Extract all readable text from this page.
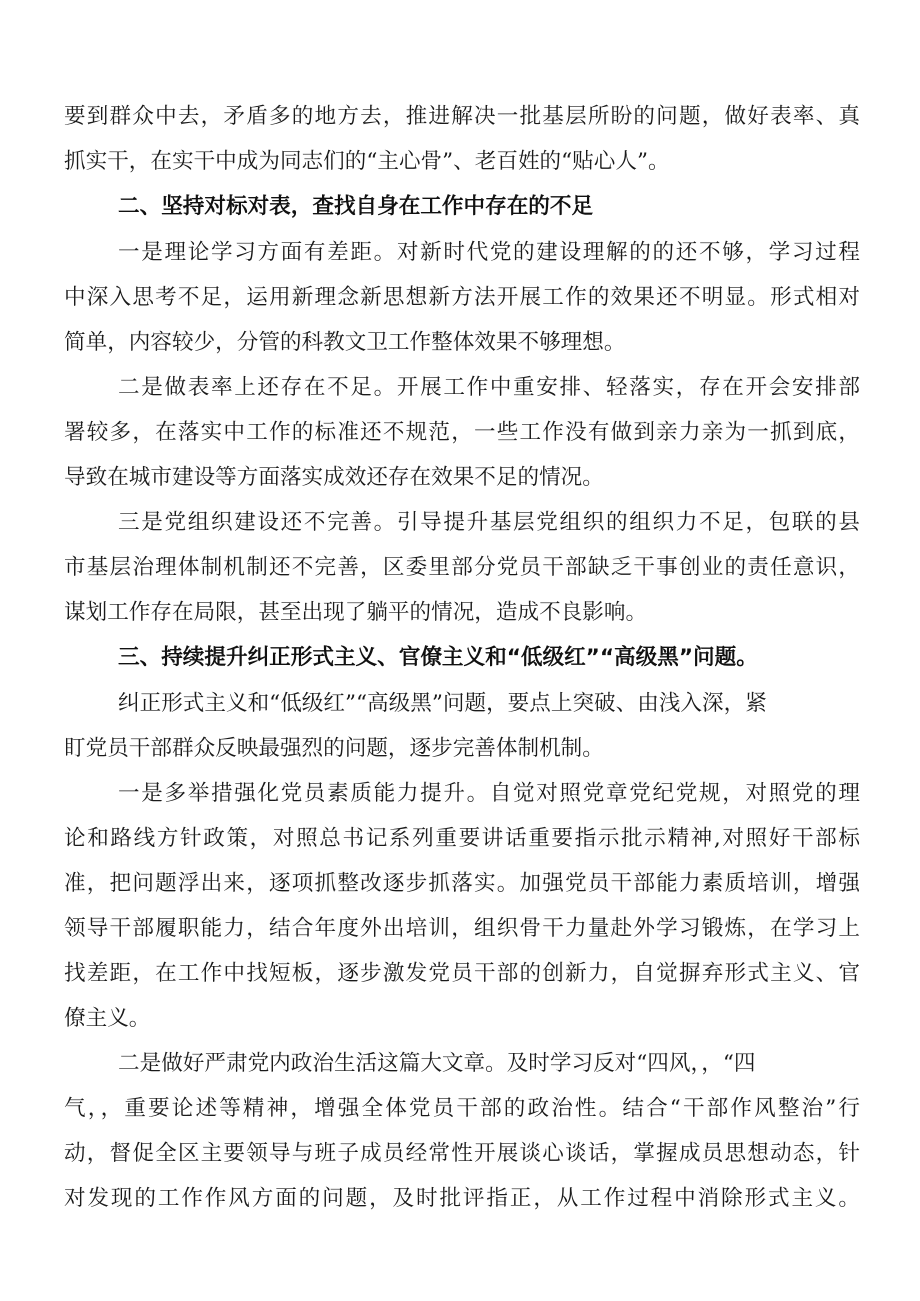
要到群众中去，矛盾多的地方去，推进解决一批基层所盼的问题，做好表率、真
抓实干，在实干中成为同志们的“主心骨”、老百姓的“贴心人”。
二、坚持对标对表，查找自身在工作中存在的不足
一是理论学习方面有差距。对新时代党的建设理解的的还不够，学习过程
中深入思考不足，运用新理念新思想新方法开展工作的效果还不明显。形式相对
简单，内容较少，分管的科教文卫工作整体效果不够理想。
二是做表率上还存在不足。开展工作中重安排、轻落实，存在开会安排部
署较多，在落实中工作的标准还不规范，一些工作没有做到亲力亲为一抓到底，
导致在城市建设等方面落实成效还存在效果不足的情况。
三是党组织建设还不完善。引导提升基层党组织的组织力不足，包联的县
市基层治理体制机制还不完善，区委里部分党员干部缺乏干事创业的责任意识，
谋划工作存在局限，甚至出现了躺平的情况，造成不良影响。
三、持续提升纠正形式主义、官僚主义和“低级红”“高级黑”问题。
纠正形式主义和“低级红”“高级黑”问题，要点上突破、由浅入深，紧
盯党员干部群众反映最强烈的问题，逐步完善体制机制。
一是多举措强化党员素质能力提升。自觉对照党章党纪党规，对照党的理
论和路线方针政策，对照总书记系列重要讲话重要指示批示精神,对照好干部标
准，把问题浮出来，逐项抓整改逐步抓落实。加强党员干部能力素质培训，增强
领导干部履职能力，结合年度外出培训，组织骨干力量赴外学习锻炼，在学习上
找差距，在工作中找短板，逐步激发党员干部的创新力，自觉摒弃形式主义、官
僚主义。
二是做好严肃党内政治生活这篇大文章。及时学习反对“四风，，“四
气，，重要论述等精神，增强全体党员干部的政治性。结合“干部作风整治”行
动，督促全区主要领导与班子成员经常性开展谈心谈话，掌握成员思想动态，针
对发现的工作作风方面的问题，及时批评指正，从工作过程中消除形式主义。
